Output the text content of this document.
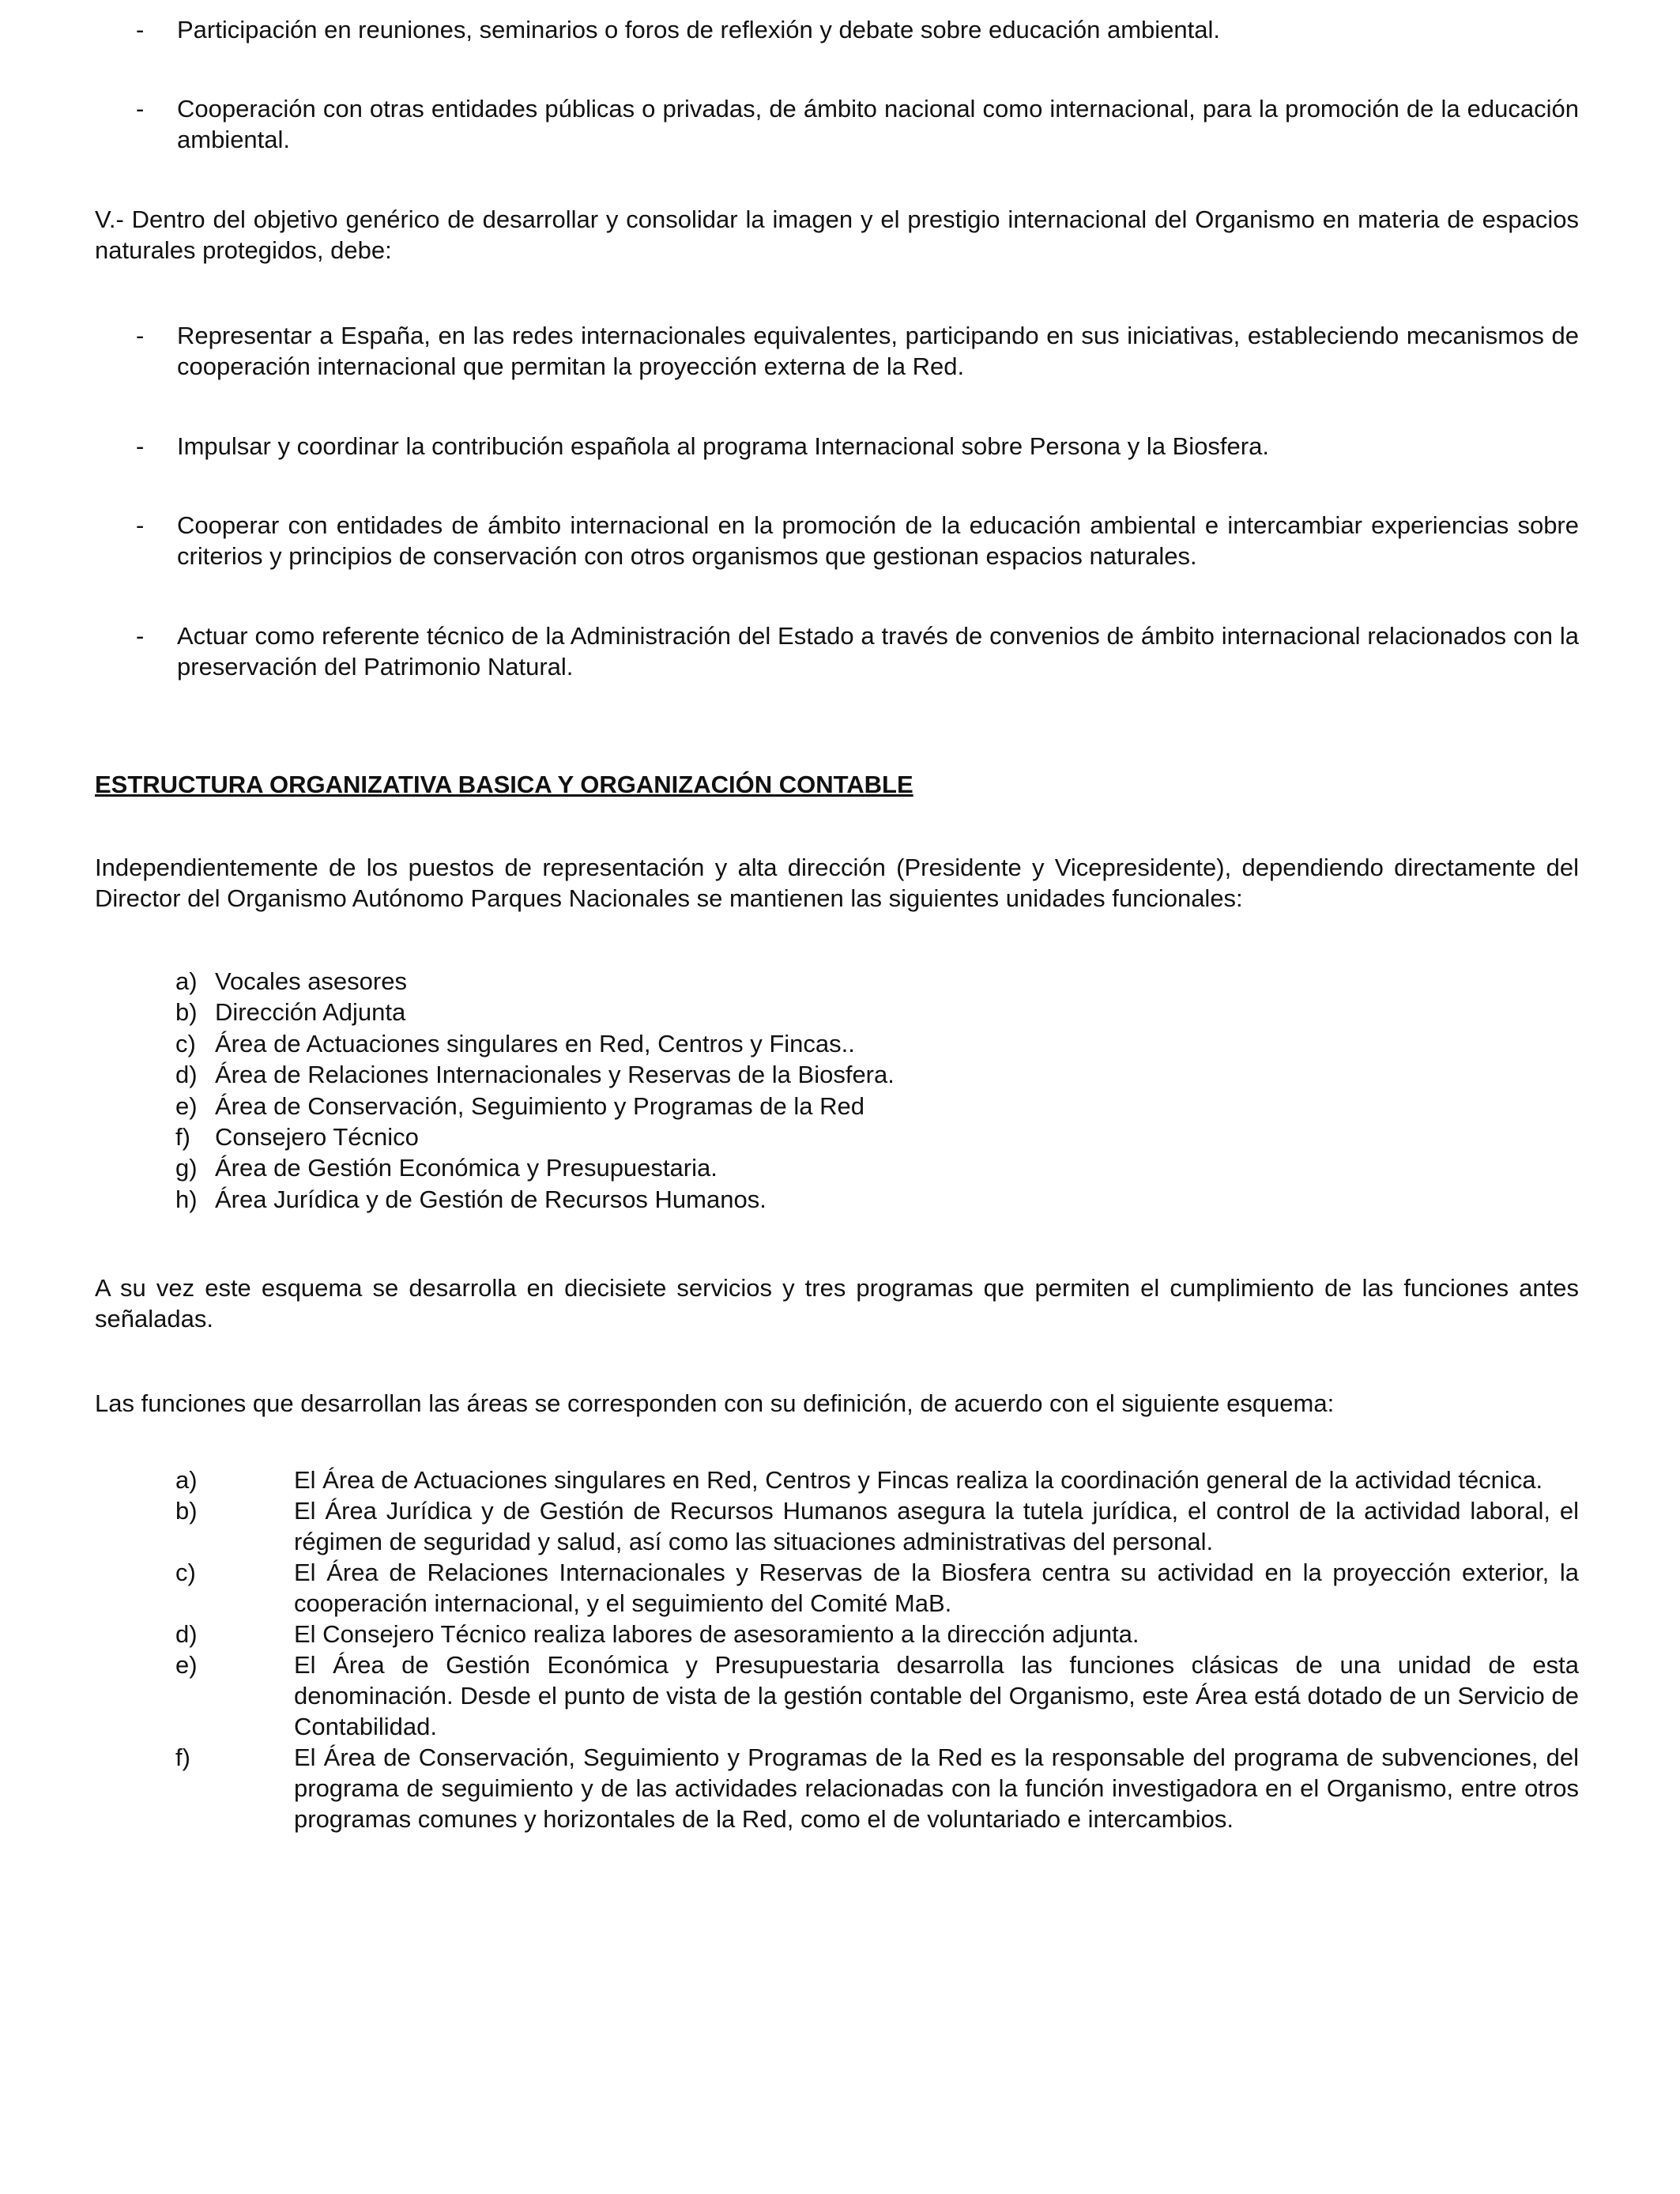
- Participación en reuniones, seminarios o foros de reflexión y debate sobre educación ambiental.

- Cooperación con otras entidades públicas o privadas, de ámbito nacional como internacional, para la promoción de la educación ambiental.

V.- Dentro del objetivo genérico de desarrollar y consolidar la imagen y el prestigio internacional del Organismo en materia de espacios naturales protegidos, debe:

- Representar a España, en las redes internacionales equivalentes, participando en sus iniciativas, estableciendo mecanismos de cooperación internacional que permitan la proyección externa de la Red.

- Impulsar y coordinar la contribución española al programa Internacional sobre Persona y la Biosfera.

- Cooperar con entidades de ámbito internacional en la promoción de la educación ambiental e intercambiar experiencias sobre criterios y principios de conservación con otros organismos que gestionan espacios naturales.

- Actuar como referente técnico de la Administración del Estado a través de convenios de ámbito internacional relacionados con la preservación del Patrimonio Natural.

ESTRUCTURA ORGANIZATIVA BASICA Y ORGANIZACIÓN CONTABLE

Independientemente de los puestos de representación y alta dirección (Presidente y Vicepresidente), dependiendo directamente del Director del Organismo Autónomo Parques Nacionales se mantienen las siguientes unidades funcionales:

a) Vocales asesores
b) Dirección Adjunta
c) Área de Actuaciones singulares en Red, Centros y Fincas..
d) Área de Relaciones Internacionales y Reservas de la Biosfera.
e) Área de Conservación, Seguimiento y Programas de la Red
f) Consejero Técnico
g) Área de Gestión Económica y Presupuestaria.
h) Área Jurídica y de Gestión de Recursos Humanos.

A su vez este esquema se desarrolla en diecisiete servicios y tres programas que permiten el cumplimiento de las funciones antes señaladas.

Las funciones que desarrollan las áreas se corresponden con su definición, de acuerdo con el siguiente esquema:

a)	El Área de Actuaciones singulares en Red, Centros y Fincas realiza la coordinación general de la actividad técnica.

b)	El Área Jurídica y de Gestión de Recursos Humanos asegura la tutela jurídica, el control de la actividad laboral, el régimen de seguridad y salud, así como las situaciones administrativas del personal.

c)	El Área de Relaciones Internacionales y Reservas de la Biosfera centra su actividad en la proyección exterior, la cooperación internacional, y el seguimiento del Comité MaB.

d)	El Consejero Técnico realiza labores de asesoramiento a la dirección adjunta.

e)	El Área de Gestión Económica y Presupuestaria desarrolla las funciones clásicas de una unidad de esta denominación. Desde el punto de vista de la gestión contable del Organismo, este Área está dotado de un Servicio de Contabilidad.

f)	El Área de Conservación, Seguimiento y Programas de la Red es la responsable del programa de subvenciones, del programa de seguimiento y de las actividades relacionadas con la función investigadora en el Organismo, entre otros programas comunes y horizontales de la Red, como el de voluntariado e intercambios.
